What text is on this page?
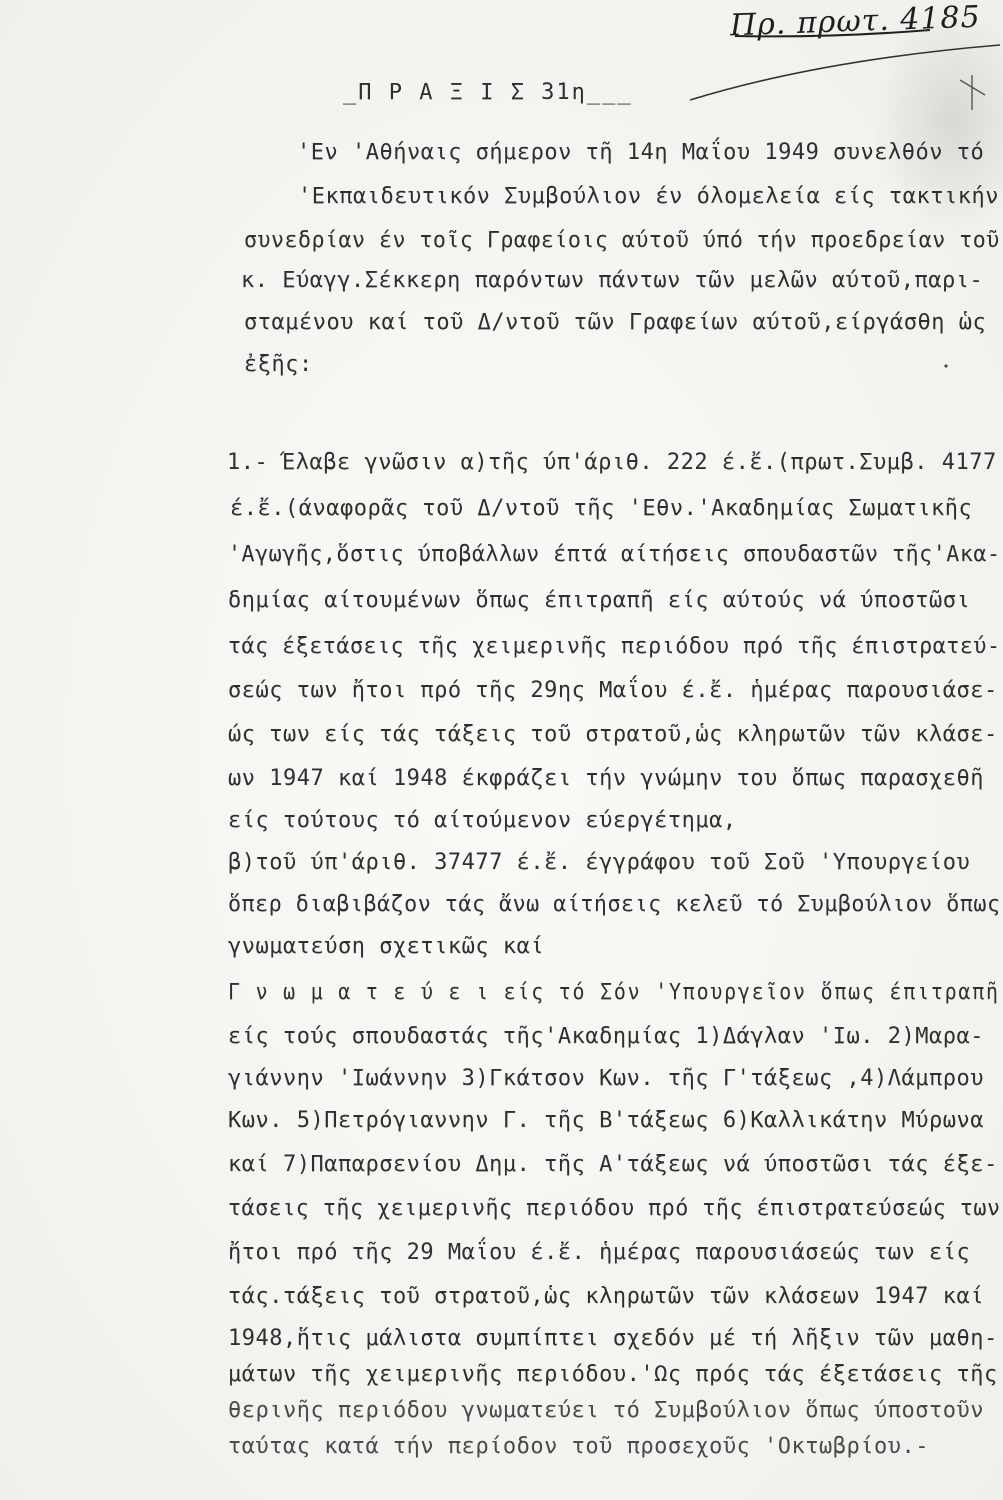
Πρ. πρωτ. 4185
_Π Ρ Α Ξ Ι Σ 31η___
'Εν 'Αθήναις σήμερον τῆ 14η Μαΐου 1949 συνελθόν τό
'Εκπαιδευτικόν Συμβούλιον έν όλομελεία είς τακτικήν
συνεδρίαν έν τοῖς Γραφείοις αύτοῦ ύπό τήν προεδρείαν τοῦ
κ. Εύαγγ.Σέκκερη παρόντων πάντων τῶν μελῶν αύτοῦ,παρι-
σταμένου καί τοῦ Δ/ντοῦ τῶν Γραφείων αύτοῦ,είργάσθη ὡς
ἐξῆς:
1.- Έλαβε γνῶσιν α)τῆς ύπ'άριθ. 222 έ.ἔ.(πρωτ.Συμβ. 4177
έ.ἔ.(άναφορᾶς τοῦ Δ/ντοῦ τῆς 'Εθν.'Ακαδημίας Σωματικῆς
'Αγωγῆς,ὅστις ύποβάλλων έπτά αίτήσεις σπουδαστῶν τῆς'Ακα-
δημίας αίτουμένων ὅπως έπιτραπῆ είς αύτούς νά ύποστῶσι
τάς έξετάσεις τῆς χειμερινῆς περιόδου πρό τῆς έπιστρατεύ-
σεώς των ἤτοι πρό τῆς 29ης Μαΐου έ.ἔ. ἡμέρας παρουσιάσε-
ώς των είς τάς τάξεις τοῦ στρατοῦ,ὡς κληρωτῶν τῶν κλάσε-
ων 1947 καί 1948 έκφράζει τήν γνώμην του ὅπως παρασχεθῆ
είς τούτους τό αίτούμενον εύεργέτημα,
β)τοῦ ύπ'άριθ. 37477 έ.ἔ. έγγράφου τοῦ Σοῦ 'Υπουργείου
ὅπερ διαβιβάζον τάς ἄνω αίτήσεις κελεῦ τό Συμβούλιον ὅπως
γνωματεύση σχετικῶς καί
Γ ν ω μ α τ ε ύ ε ι είς τό Σόν 'Υπουργεῖον ὅπως έπιτραπῆ
είς τούς σπουδαστάς τῆς'Ακαδημίας 1)Δάγλαν 'Ιω. 2)Μαρα-
γιάννην 'Ιωάννην 3)Γκάτσον Κων. τῆς Γ'τάξεως ,4)Λάμπρου
Κων. 5)Πετρόγιαννην Γ. τῆς Β'τάξεως 6)Καλλικάτην Μύρωνα
καί 7)Παπαρσενίου Δημ. τῆς Α'τάξεως νά ύποστῶσι τάς έξε-
τάσεις τῆς χειμερινῆς περιόδου πρό τῆς έπιστρατεύσεώς των
ἤτοι πρό τῆς 29 Μαΐου έ.ἔ. ἡμέρας παρουσιάσεώς των είς
τάς.τάξεις τοῦ στρατοῦ,ὡς κληρωτῶν τῶν κλάσεων 1947 καί
1948,ἥτις μάλιστα συμπίπτει σχεδόν μέ τή λῆξιν τῶν μαθη-
μάτων τῆς χειμερινῆς περιόδου.'Ως πρός τάς έξετάσεις τῆς
θερινῆς περιόδου γνωματεύει τό Συμβούλιον ὅπως ύποστοῦν
ταύτας κατά τήν περίοδον τοῦ προσεχοῦς 'Οκτωβρίου.-
